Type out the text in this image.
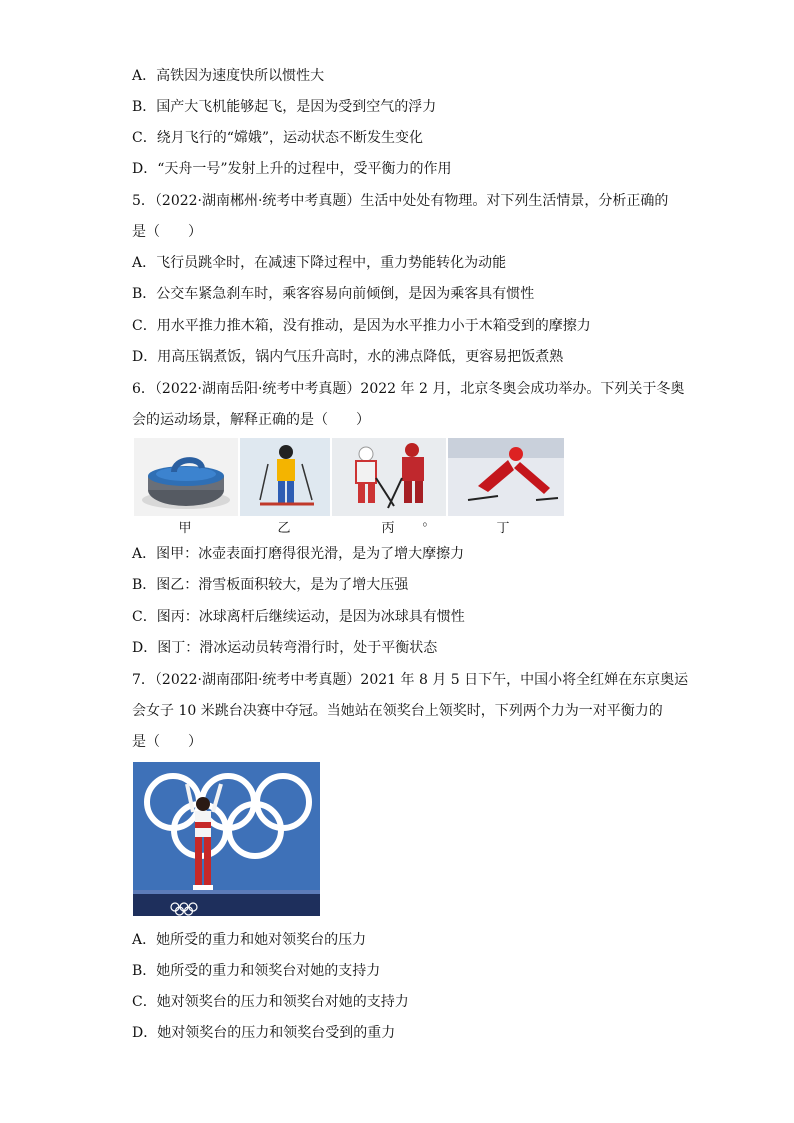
A．高铁因为速度快所以惯性大
B．国产大飞机能够起飞，是因为受到空气的浮力
C．绕月飞行的“嫦娥”，运动状态不断发生变化
D．“天舟一号”发射上升的过程中，受平衡力的作用
5．（2022·湖南郴州·统考中考真题）生活中处处有物理。对下列生活情景，分析正确的
是（　　）
A．飞行员跳伞时，在减速下降过程中，重力势能转化为动能
B．公交车紧急刹车时，乘客容易向前倾倒，是因为乘客具有惯性
C．用水平推力推木箱，没有推动，是因为水平推力小于木箱受到的摩擦力
D．用高压锅煮饭，锅内气压升高时，水的沸点降低，更容易把饭煮熟
6．（2022·湖南岳阳·统考中考真题）2022 年 2 月，北京冬奥会成功举办。下列关于冬奥
会的运动场景，解释正确的是（　　）
甲	乙	丙	。	丁
A．图甲：冰壶表面打磨得很光滑，是为了增大摩擦力
B．图乙：滑雪板面积较大，是为了增大压强
C．图丙：冰球离杆后继续运动，是因为冰球具有惯性
D．图丁：滑冰运动员转弯滑行时，处于平衡状态
7．（2022·湖南邵阳·统考中考真题）2021 年 8 月 5 日下午，中国小将全红婵在东京奥运
会女子 10 米跳台决赛中夺冠。当她站在领奖台上领奖时，下列两个力为一对平衡力的
是（　　）
A．她所受的重力和她对领奖台的压力
B．她所受的重力和领奖台对她的支持力
C．她对领奖台的压力和领奖台对她的支持力
D．她对领奖台的压力和领奖台受到的重力
